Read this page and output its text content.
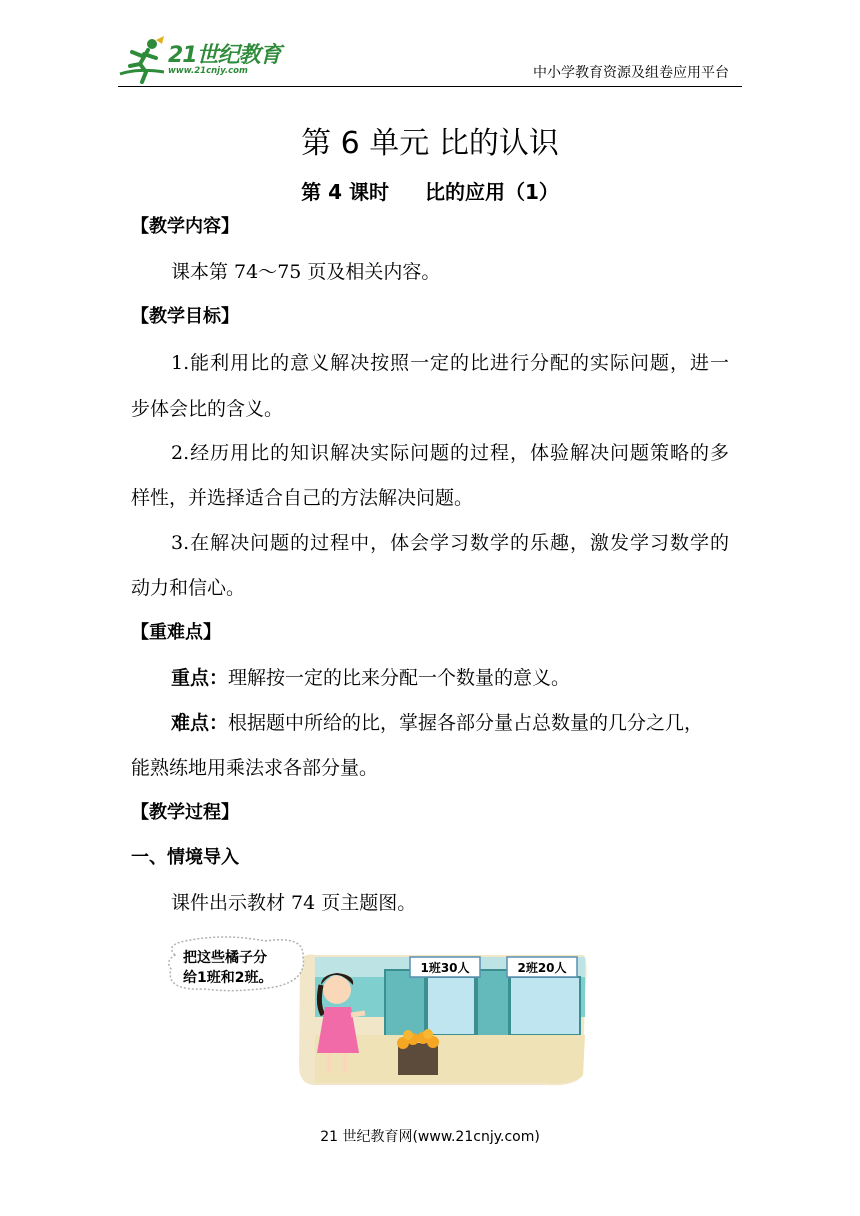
21世纪教育
www.21cnjy.com	中小学教育资源及组卷应用平台
第 6 单元 比的认识
第 4 课时 比的应用（1）
【教学内容】
课本第 74～75 页及相关内容。
【教学目标】
1.能利用比的意义解决按照一定的比进行分配的实际问题，进一
步体会比的含义。
2.经历用比的知识解决实际问题的过程，体验解决问题策略的多
样性，并选择适合自己的方法解决问题。
3.在解决问题的过程中，体会学习数学的乐趣，激发学习数学的
动力和信心。
【重难点】
重点：理解按一定的比来分配一个数量的意义。
难点：根据题中所给的比，掌握各部分量占总数量的几分之几，
能熟练地用乘法求各部分量。
【教学过程】
一、情境导入
课件出示教材 74 页主题图。
1班30人	2班20人
把这些橘子分
给1班和2班。
21 世纪教育网(www.21cnjy.com)
